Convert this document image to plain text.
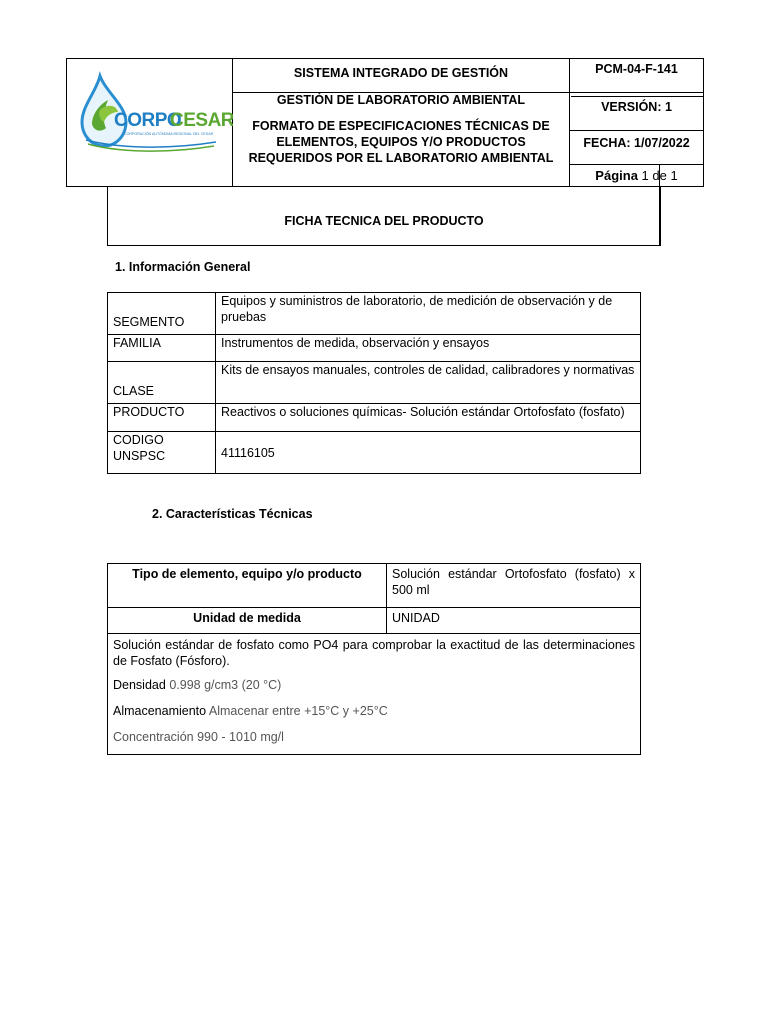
CORPO
CESAR
CORPORACIÓN AUTÓNOMA REGIONAL DEL CESAR
SISTEMA INTEGRADO DE GESTIÓN
GESTIÓN DE LABORATORIO AMBIENTAL
FORMATO DE ESPECIFICACIONES TÉCNICAS DE ELEMENTOS, EQUIPOS Y/O PRODUCTOS REQUERIDOS POR EL LABORATORIO AMBIENTAL
PCM-04-F-141
VERSIÓN: 1
FECHA: 1/07/2022
Página 1 de 1
FICHA TECNICA DEL PRODUCTO
1. Información General
SEGMENTO	Equipos y suministros de laboratorio, de medición de observación y de pruebas
FAMILIA	Instrumentos de medida, observación y ensayos
CLASE	Kits de ensayos manuales, controles de calidad, calibradores y normativas
PRODUCTO	Reactivos o soluciones químicas- Solución estándar Ortofosfato (fosfato)
CODIGO UNSPSC	41116105
2. Características Técnicas
Tipo de elemento, equipo y/o producto	Solución estándar Ortofosfato (fosfato) x 500 ml
Unidad de medida	UNIDAD

Solución estándar de fosfato como PO4 para comprobar la exactitud de las determinaciones de Fosfato (Fósforo).

Densidad 0.998 g/cm3 (20 °C)

Almacenamiento Almacenar entre +15°C y +25°C

Concentración 990 - 1010 mg/l	
